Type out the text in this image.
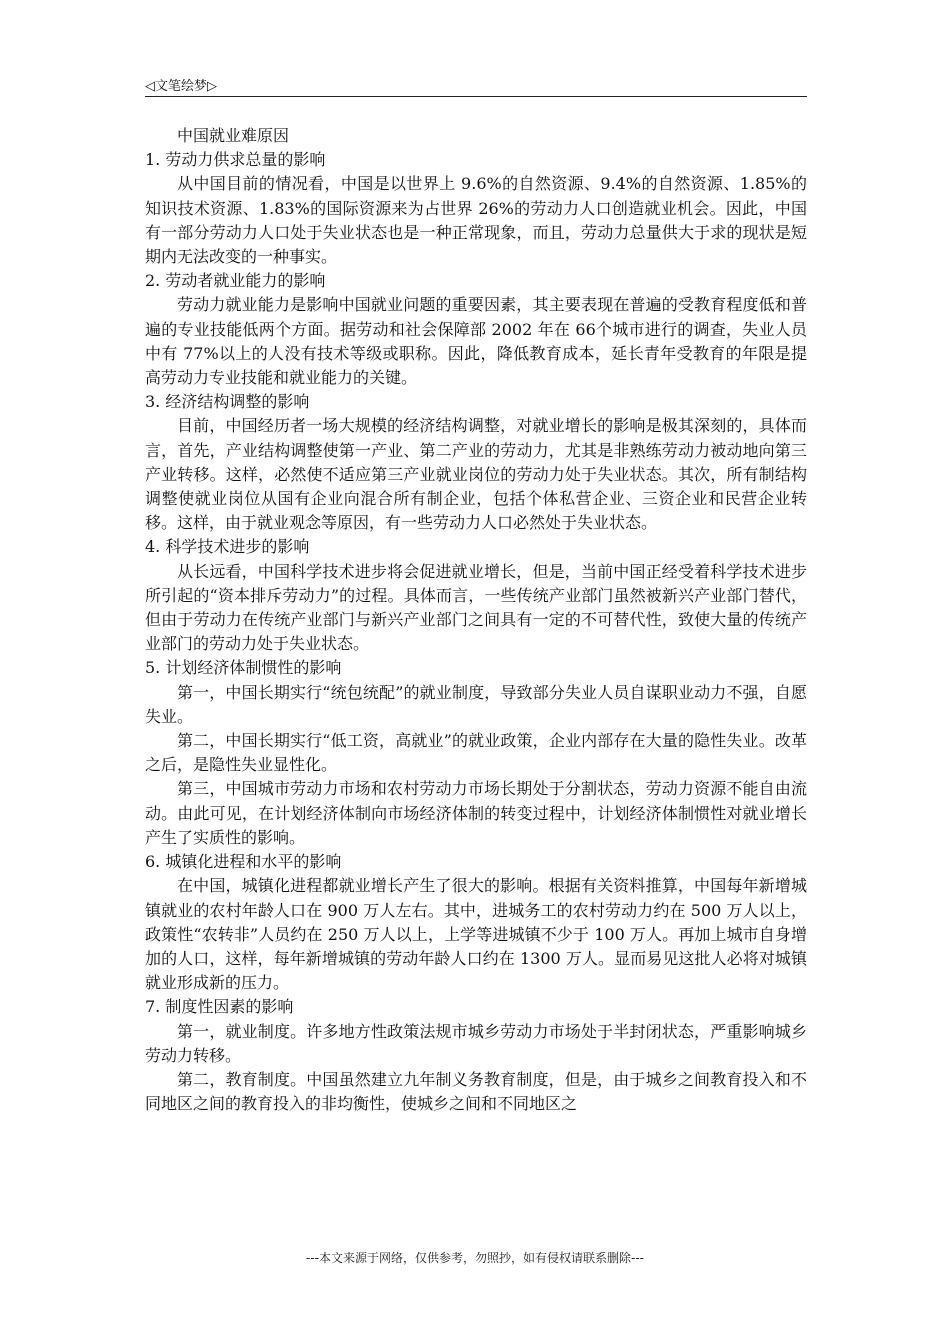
◁文笔绘梦▷

中国就业难原因

1. 劳动力供求总量的影响

从中国目前的情况看，中国是以世界上 9.6%的自然资源、9.4%的自然资源、1.85%的知识技术资源、1.83%的国际资源来为占世界 26%的劳动力人口创造就业机会。因此，中国有一部分劳动力人口处于失业状态也是一种正常现象，而且，劳动力总量供大于求的现状是短期内无法改变的一种事实。

2. 劳动者就业能力的影响

劳动力就业能力是影响中国就业问题的重要因素，其主要表现在普遍的受教育程度低和普遍的专业技能低两个方面。据劳动和社会保障部 2002 年在 66个城市进行的调查，失业人员中有 77%以上的人没有技术等级或职称。因此，降低教育成本，延长青年受教育的年限是提高劳动力专业技能和就业能力的关键。

3. 经济结构调整的影响

目前，中国经历者一场大规模的经济结构调整，对就业增长的影响是极其深刻的，具体而言，首先，产业结构调整使第一产业、第二产业的劳动力，尤其是非熟练劳动力被动地向第三产业转移。这样，必然使不适应第三产业就业岗位的劳动力处于失业状态。其次，所有制结构调整使就业岗位从国有企业向混合所有制企业，包括个体私营企业、三资企业和民营企业转移。这样，由于就业观念等原因，有一些劳动力人口必然处于失业状态。

4. 科学技术进步的影响

从长远看，中国科学技术进步将会促进就业增长，但是，当前中国正经受着科学技术进步所引起的“资本排斥劳动力”的过程。具体而言，一些传统产业部门虽然被新兴产业部门替代，但由于劳动力在传统产业部门与新兴产业部门之间具有一定的不可替代性，致使大量的传统产业部门的劳动力处于失业状态。

5. 计划经济体制惯性的影响

第一，中国长期实行“统包统配”的就业制度，导致部分失业人员自谋职业动力不强，自愿失业。

第二，中国长期实行“低工资，高就业”的就业政策，企业内部存在大量的隐性失业。改革之后，是隐性失业显性化。

第三，中国城市劳动力市场和农村劳动力市场长期处于分割状态，劳动力资源不能自由流动。由此可见，在计划经济体制向市场经济体制的转变过程中，计划经济体制惯性对就业增长产生了实质性的影响。

6. 城镇化进程和水平的影响

在中国，城镇化进程都就业增长产生了很大的影响。根据有关资料推算，中国每年新增城镇就业的农村年龄人口在 900 万人左右。其中，进城务工的农村劳动力约在 500 万人以上，政策性“农转非”人员约在 250 万人以上，上学等进城镇不少于 100 万人。再加上城市自身增加的人口，这样，每年新增城镇的劳动年龄人口约在 1300 万人。显而易见这批人必将对城镇就业形成新的压力。

7. 制度性因素的影响

第一，就业制度。许多地方性政策法规市城乡劳动力市场处于半封闭状态，严重影响城乡劳动力转移。

第二，教育制度。中国虽然建立九年制义务教育制度，但是，由于城乡之间教育投入和不同地区之间的教育投入的非均衡性，使城乡之间和不同地区之

---本文来源于网络，仅供参考，勿照抄，如有侵权请联系删除---
